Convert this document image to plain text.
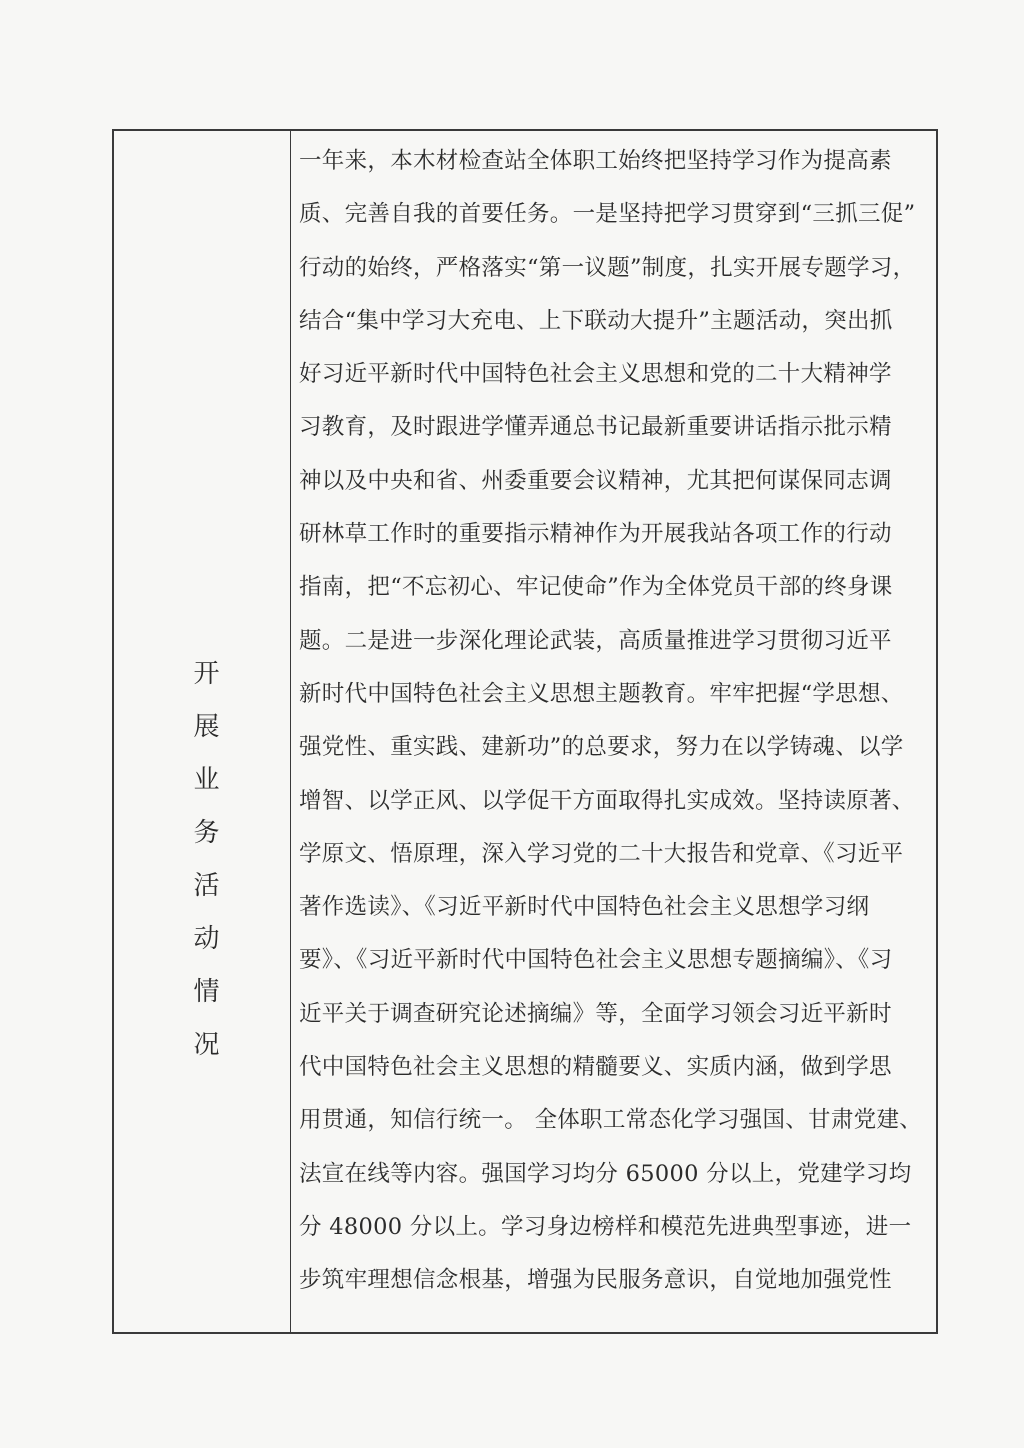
开展业务活动情况
一年来，本木材检查站全体职工始终把坚持学习作为提高素
质、完善自我的首要任务。一是坚持把学习贯穿到“三抓三促”
行动的始终，严格落实“第一议题”制度，扎实开展专题学习，
结合“集中学习大充电、上下联动大提升”主题活动，突出抓
好习近平新时代中国特色社会主义思想和党的二十大精神学
习教育，及时跟进学懂弄通总书记最新重要讲话指示批示精
神以及中央和省、州委重要会议精神，尤其把何谋保同志调
研林草工作时的重要指示精神作为开展我站各项工作的行动
指南，把“不忘初心、牢记使命”作为全体党员干部的终身课
题。二是进一步深化理论武装，高质量推进学习贯彻习近平
新时代中国特色社会主义思想主题教育。牢牢把握“学思想、
强党性、重实践、建新功”的总要求，努力在以学铸魂、以学
增智、以学正风、以学促干方面取得扎实成效。坚持读原著、
学原文、悟原理，深入学习党的二十大报告和党章、《习近平
著作选读》、《习近平新时代中国特色社会主义思想学习纲
要》、《习近平新时代中国特色社会主义思想专题摘编》、《习
近平关于调查研究论述摘编》等，全面学习领会习近平新时
代中国特色社会主义思想的精髓要义、实质内涵，做到学思
用贯通，知信行统一。 全体职工常态化学习强国、甘肃党建、
法宣在线等内容。强国学习均分 65000 分以上，党建学习均
分 48000 分以上。学习身边榜样和模范先进典型事迹，进一
步筑牢理想信念根基，增强为民服务意识，自觉地加强党性
